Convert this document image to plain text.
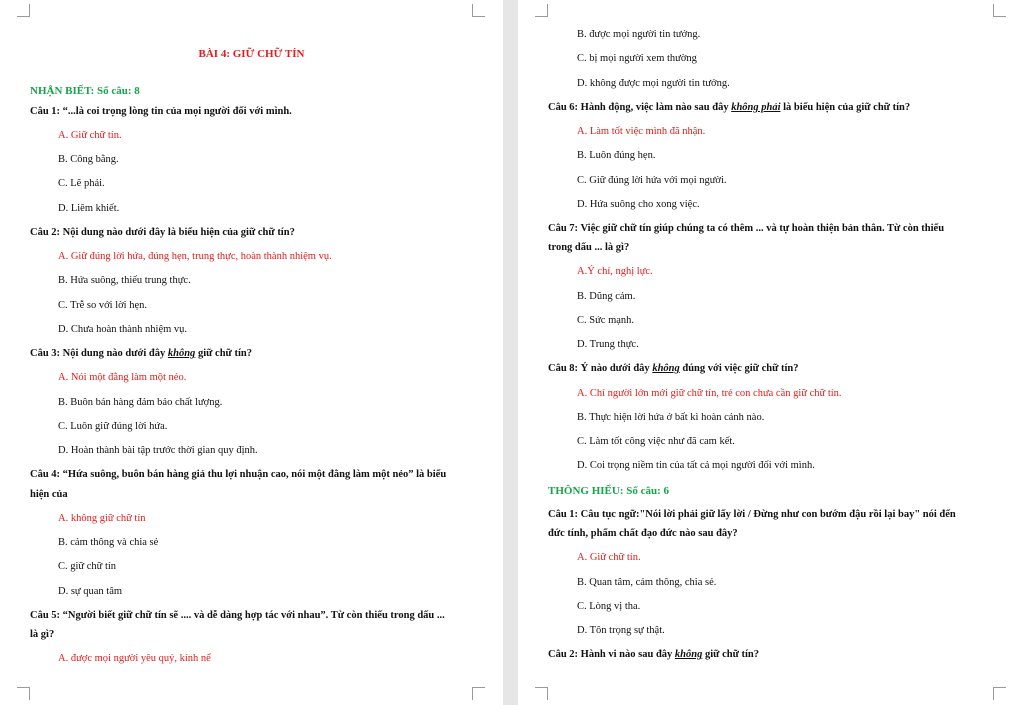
BÀI 4: GIỮ CHỮ TÍN
NHẬN BIẾT: Số câu: 8
Câu 1: “...là coi trọng lòng tin của mọi người đối với mình.
A. Giữ chữ tín.
B. Công bằng.
C. Lẽ phải.
D. Liêm khiết.
Câu 2: Nội dung nào dưới đây là biểu hiện của giữ chữ tín?
A. Giữ đúng lời hứa, đúng hẹn, trung thực, hoàn thành nhiệm vụ.
B. Hứa suông, thiếu trung thực.
C. Trễ so với lời hẹn.
D. Chưa hoàn thành nhiệm vụ.
Câu 3: Nội dung nào dưới đây không giữ chữ tín?
A. Nói một đằng làm một nẻo.
B. Buôn bán hàng đảm bảo chất lượng.
C. Luôn giữ đúng lời hứa.
D. Hoàn thành bài tập trước thời gian quy định.
Câu 4: “Hứa suông, buôn bán hàng giả thu lợi nhuận cao, nói một đằng làm một nẻo” là biểu
hiện của
A. không giữ chữ tín
B. cảm thông và chia sẻ
C. giữ chữ tín
D. sự quan tâm
Câu 5: “Người biết giữ chữ tín sẽ .... và dễ dàng hợp tác với nhau”. Từ còn thiếu trong dấu ...
là gì?
A. được mọi người yêu quý, kính nể
B. được mọi người tin tưởng.
C. bị mọi người xem thường
D. không được mọi người tin tưởng.
Câu 6: Hành động, việc làm nào sau đây không phải là biểu hiện của giữ chữ tín?
A. Làm tốt việc mình đã nhận.
B. Luôn đúng hẹn.
C. Giữ đúng lời hứa với mọi người.
D. Hứa suông cho xong việc.
Câu 7: Việc giữ chữ tín giúp chúng ta có thêm ... và tự hoàn thiện bản thân. Từ còn thiếu
trong dấu ... là gì?
A.Ý chí, nghị lực.
B. Dũng cảm.
C. Sức mạnh.
D. Trung thực.
Câu 8: Ý nào dưới đây không đúng với việc giữ chữ tín?
A. Chỉ người lớn mới giữ chữ tín, trẻ con chưa cần giữ chữ tín.
B. Thực hiện lời hứa ở bất kì hoàn cảnh nào.
C. Làm tốt công việc như đã cam kết.
D. Coi trọng niềm tin của tất cả mọi người đối với mình.
THÔNG HIỂU: Số câu: 6
Câu 1: Câu tục ngữ:"Nói lời phải giữ lấy lời / Đừng như con bướm đậu rồi lại bay" nói đến
đức tính, phẩm chất đạo đức nào sau đây?
A. Giữ chữ tín.
B. Quan tâm, cảm thông, chia sẻ.
C. Lòng vị tha.
D. Tôn trọng sự thật.
Câu 2: Hành vi nào sau đây không giữ chữ tín?
